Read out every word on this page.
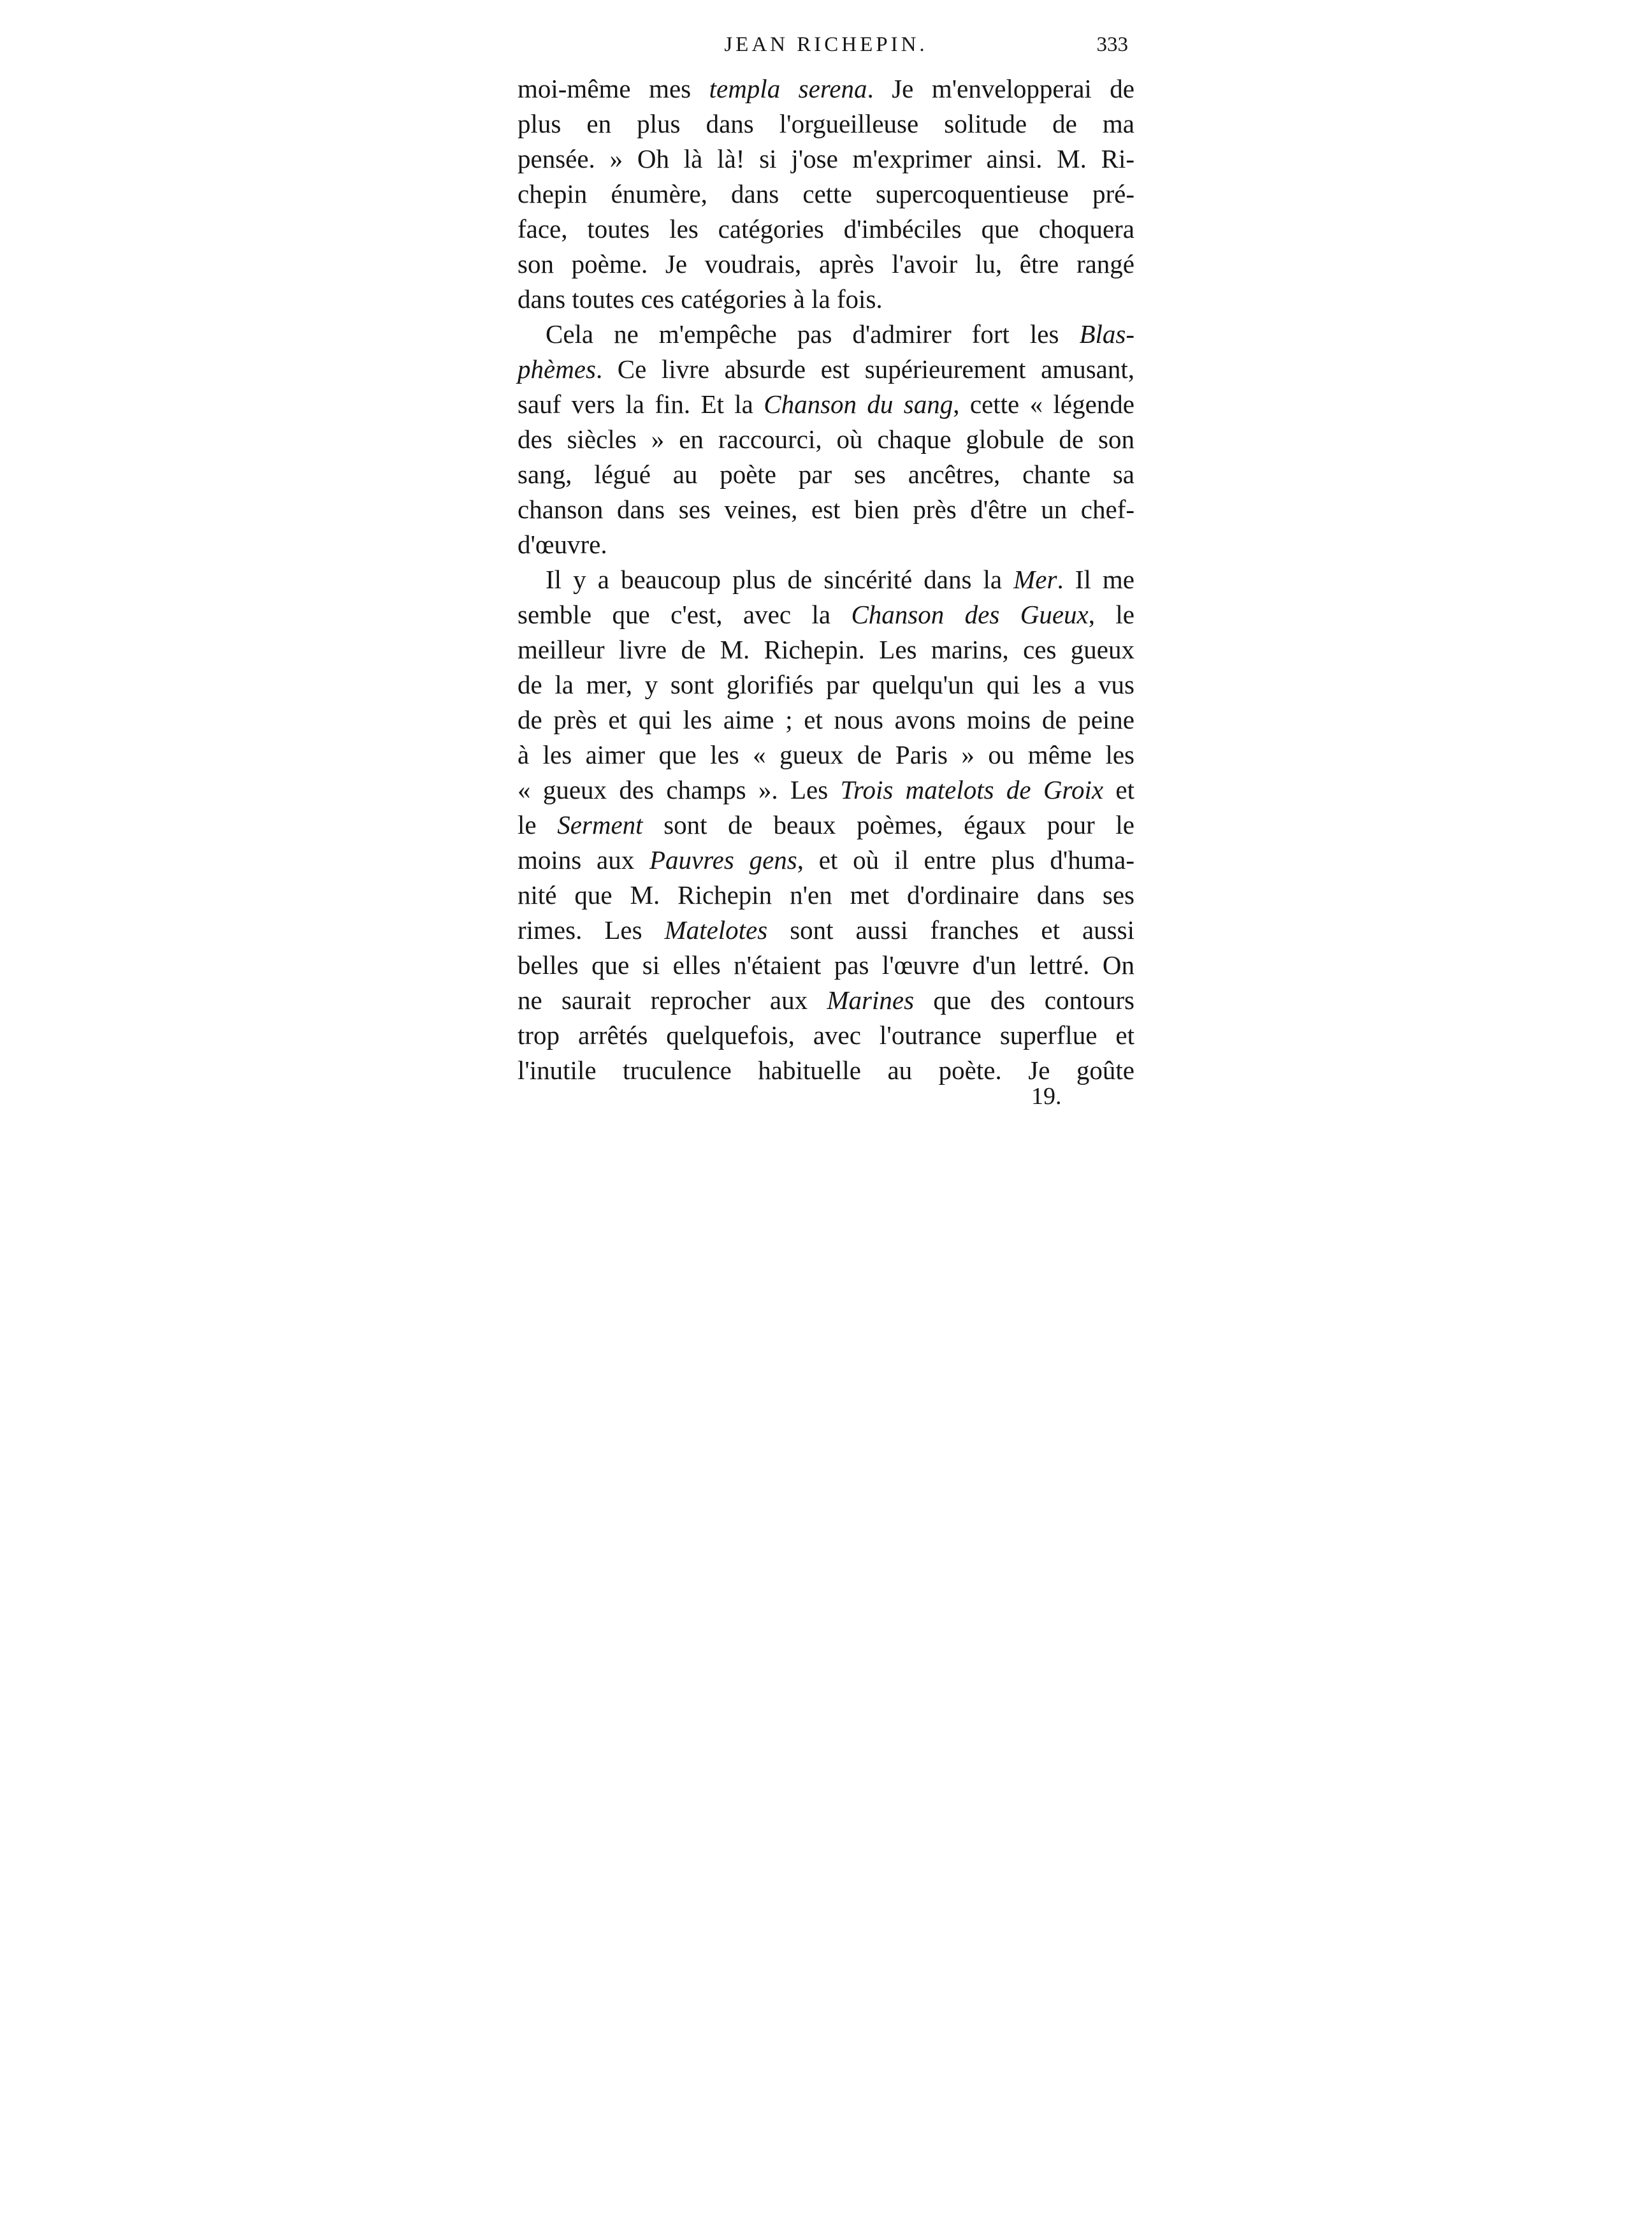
JEAN RICHEPIN.	333
moi-même mes templa serena. Je m'envelopperai de
plus en plus dans l'orgueilleuse solitude de ma
pensée. » Oh là là! si j'ose m'exprimer ainsi. M. Ri-
chepin énumère, dans cette supercoquentieuse pré-
face, toutes les catégories d'imbéciles que choquera
son poème. Je voudrais, après l'avoir lu, être rangé
dans toutes ces catégories à la fois.
Cela ne m'empêche pas d'admirer fort les Blas-
phèmes. Ce livre absurde est supérieurement amusant,
sauf vers la fin. Et la Chanson du sang, cette « légende
des siècles » en raccourci, où chaque globule de son
sang, légué au poète par ses ancêtres, chante sa
chanson dans ses veines, est bien près d'être un chef-
d'œuvre.
Il y a beaucoup plus de sincérité dans la Mer. Il me
semble que c'est, avec la Chanson des Gueux, le
meilleur livre de M. Richepin. Les marins, ces gueux
de la mer, y sont glorifiés par quelqu'un qui les a vus
de près et qui les aime ; et nous avons moins de peine
à les aimer que les « gueux de Paris » ou même les
« gueux des champs ». Les Trois matelots de Groix et
le Serment sont de beaux poèmes, égaux pour le
moins aux Pauvres gens, et où il entre plus d'huma-
nité que M. Richepin n'en met d'ordinaire dans ses
rimes. Les Matelotes sont aussi franches et aussi
belles que si elles n'étaient pas l'œuvre d'un lettré. On
ne saurait reprocher aux Marines que des contours
trop arrêtés quelquefois, avec l'outrance superflue et
l'inutile truculence habituelle au poète. Je goûte
19.
